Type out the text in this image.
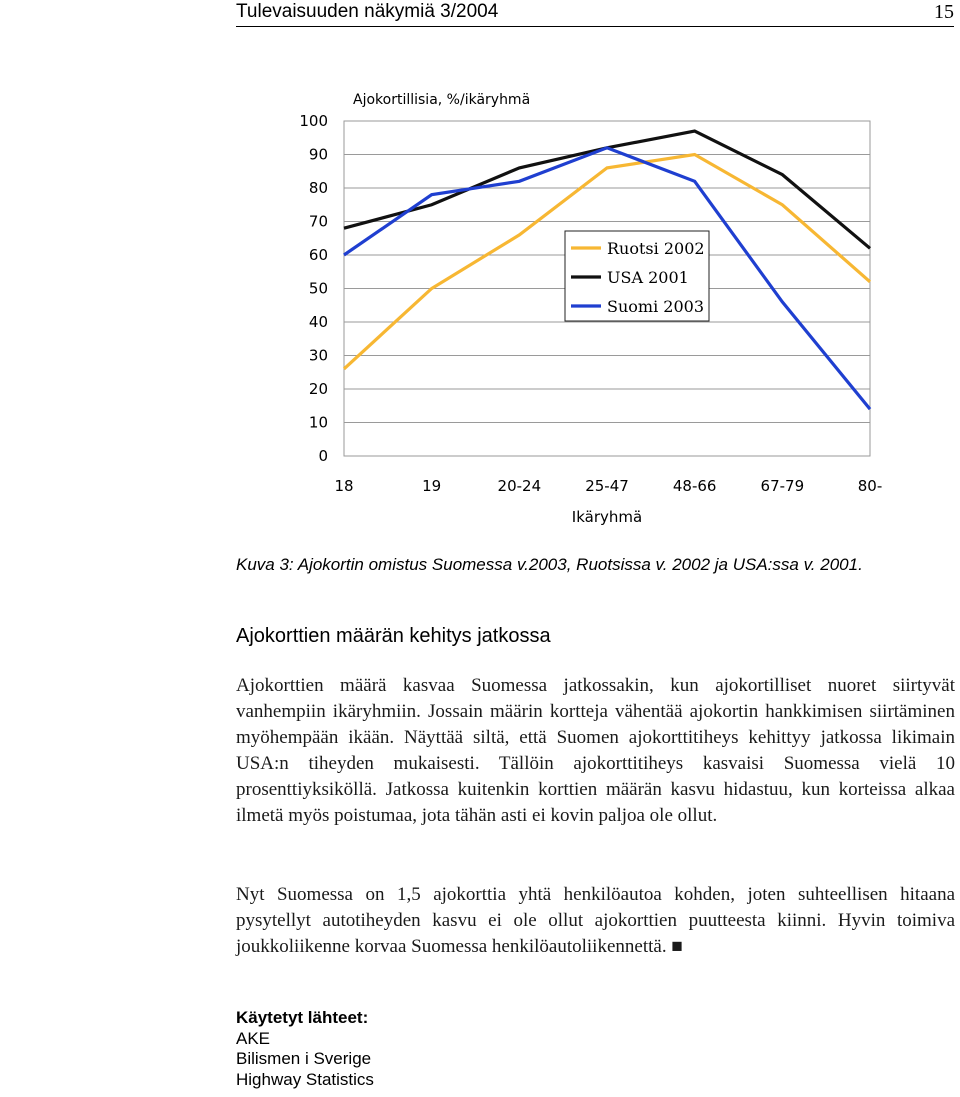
Tulevaisuuden näkymiä 3/2004	15
Ajokortillisia, %/ikäryhmä
Ikäryhmä
0
10
20
30
40
50
60
70
80
90
100
18	19	20-24	25-47	48-66	67-79	80-
Ruotsi 2002
USA 2001
Suomi 2003
Kuva 3: Ajokortin omistus Suomessa v.2003, Ruotsissa v. 2002 ja USA:ssa v. 2001.
Ajokorttien määrän kehitys jatkossa

Ajokorttien määrä kasvaa Suomessa jatkossakin, kun ajokortilliset nuoret siirtyvät vanhempiin ikäryhmiin. Jossain määrin kortteja vähentää ajokortin hankkimisen siirtäminen myöhempään ikään. Näyttää siltä, että Suomen ajokorttitiheys kehittyy jatkossa likimain USA:n tiheyden mukaisesti. Tällöin ajokorttitiheys kasvaisi Suomessa vielä 10 prosenttiyksiköllä. Jatkossa kuitenkin korttien määrän kasvu hidastuu, kun korteissa alkaa ilmetä myös poistumaa, jota tähän asti ei kovin paljoa ole ollut.

Nyt Suomessa on 1,5 ajokorttia yhtä henkilöautoa kohden, joten suhteellisen hitaana pysytellyt autotiheyden kasvu ei ole ollut ajokorttien puutteesta kiinni. Hyvin toimiva joukkoliikenne korvaa Suomessa henkilöautoliikennettä. ■

Käytetyt lähteet:
AKE
Bilismen i Sverige
Highway Statistics
